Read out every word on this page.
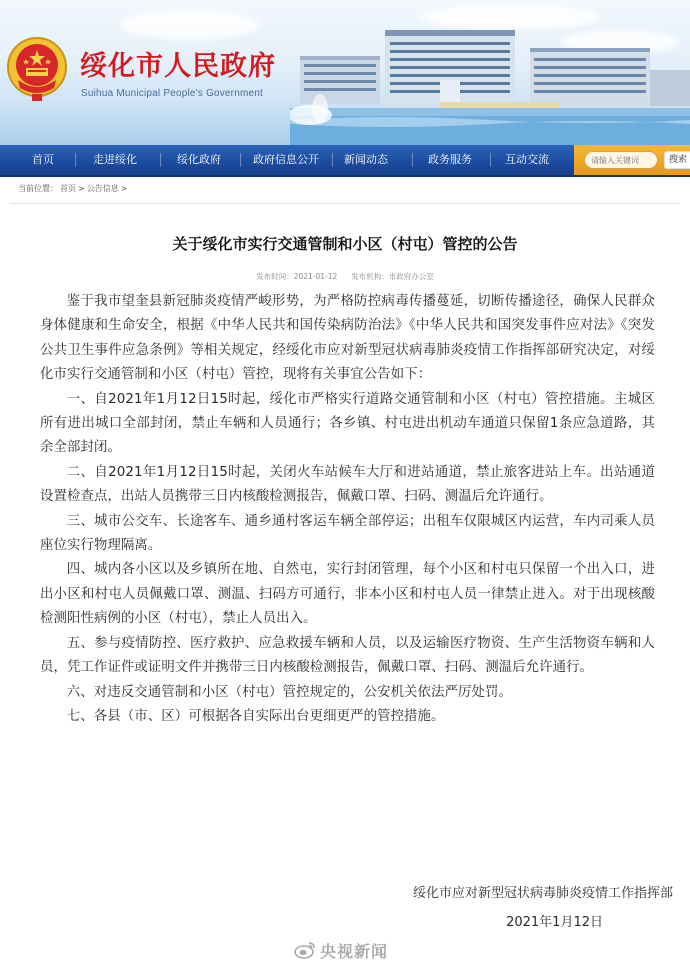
绥化市人民政府
Suihua Municipal People's Government
首页	走进绥化	绥化政府	政府信息公开	新闻动态	政务服务	互动交流
请输入关键词	搜索
当前位置： 首页 > 公告信息 >
关于绥化市实行交通管制和小区（村屯）管控的公告
发布时间：2021-01-12 发布机构：市政府办公室

鉴于我市望奎县新冠肺炎疫情严峻形势，为严格防控病毒传播蔓延，切断传播途径，确保人民群众身体健康和生命安全，根据《中华人民共和国传染病防治法》《中华人民共和国突发事件应对法》《突发公共卫生事件应急条例》等相关规定，经绥化市应对新型冠状病毒肺炎疫情工作指挥部研究决定，对绥化市实行交通管制和小区（村屯）管控，现将有关事宜公告如下：

一、自2021年1月12日15时起，绥化市严格实行道路交通管制和小区（村屯）管控措施。主城区所有进出城口全部封闭，禁止车辆和人员通行；各乡镇、村屯进出机动车通道只保留1条应急道路，其余全部封闭。

二、自2021年1月12日15时起，关闭火车站候车大厅和进站通道，禁止旅客进站上车。出站通道设置检查点，出站人员携带三日内核酸检测报告，佩戴口罩、扫码、测温后允许通行。

三、城市公交车、长途客车、通乡通村客运车辆全部停运；出租车仅限城区内运营，车内司乘人员座位实行物理隔离。

四、城内各小区以及乡镇所在地、自然屯，实行封闭管理，每个小区和村屯只保留一个出入口，进出小区和村屯人员佩戴口罩、测温、扫码方可通行，非本小区和村屯人员一律禁止进入。对于出现核酸检测阳性病例的小区（村屯），禁止人员出入。

五、参与疫情防控、医疗救护、应急救援车辆和人员，以及运输医疗物资、生产生活物资车辆和人员，凭工作证件或证明文件并携带三日内核酸检测报告，佩戴口罩、扫码、测温后允许通行。

六、对违反交通管制和小区（村屯）管控规定的，公安机关依法严厉处罚。

七、各县（市、区）可根据各自实际出台更细更严的管控措施。

绥化市应对新型冠状病毒肺炎疫情工作指挥部
2021年1月12日
央视新闻
